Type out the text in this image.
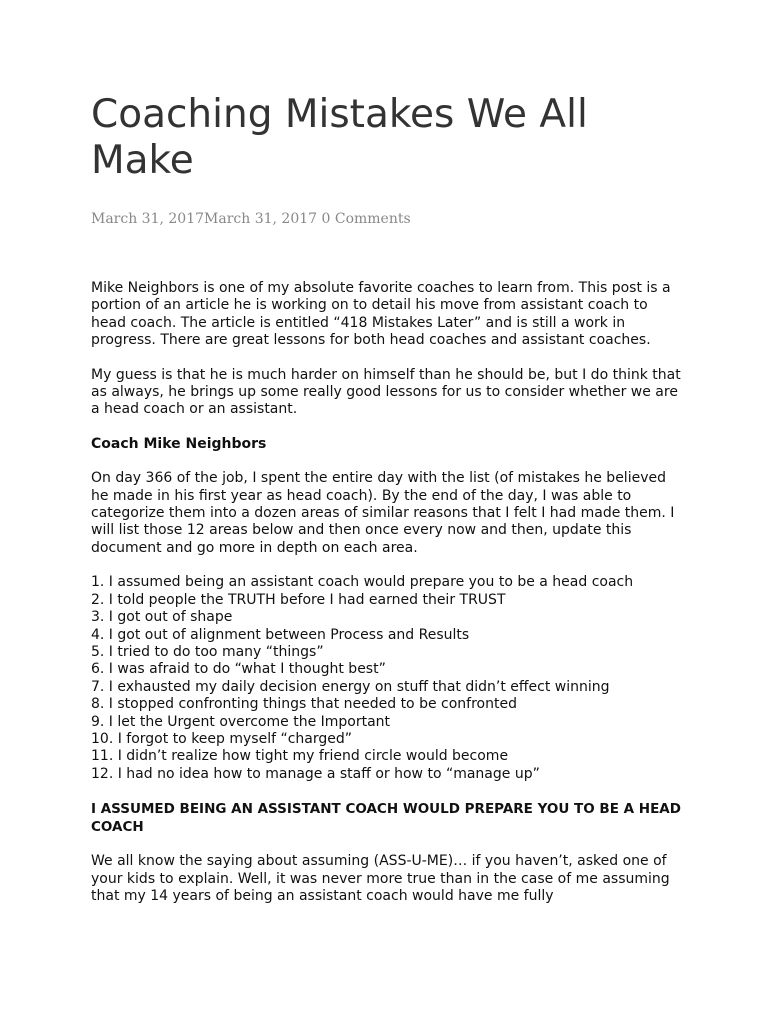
Coaching Mistakes We All Make
March 31, 2017March 31, 2017 0 Comments

Mike Neighbors is one of my absolute favorite coaches to learn from. This post is a portion of an article he is working on to detail his move from assistant coach to head coach. The article is entitled “418 Mistakes Later” and is still a work in progress. There are great lessons for both head coaches and assistant coaches.

My guess is that he is much harder on himself than he should be, but I do think that as always, he brings up some really good lessons for us to consider whether we are a head coach or an assistant.

Coach Mike Neighbors

On day 366 of the job, I spent the entire day with the list (of mistakes he believed he made in his first year as head coach). By the end of the day, I was able to categorize them into a dozen areas of similar reasons that I felt I had made them. I will list those 12 areas below and then once every now and then, update this document and go more in depth on each area.

1. I assumed being an assistant coach would prepare you to be a head coach
2. I told people the TRUTH before I had earned their TRUST
3. I got out of shape
4. I got out of alignment between Process and Results
5. I tried to do too many “things”
6. I was afraid to do “what I thought best”
7. I exhausted my daily decision energy on stuff that didn’t effect winning
8. I stopped confronting things that needed to be confronted
9. I let the Urgent overcome the Important
10. I forgot to keep myself “charged”
11. I didn’t realize how tight my friend circle would become
12. I had no idea how to manage a staff or how to “manage up”

I ASSUMED BEING AN ASSISTANT COACH WOULD PREPARE YOU TO BE A HEAD COACH

We all know the saying about assuming (ASS-U-ME)… if you haven’t, asked one of your kids to explain. Well, it was never more true than in the case of me assuming that my 14 years of being an assistant coach would have me fully
